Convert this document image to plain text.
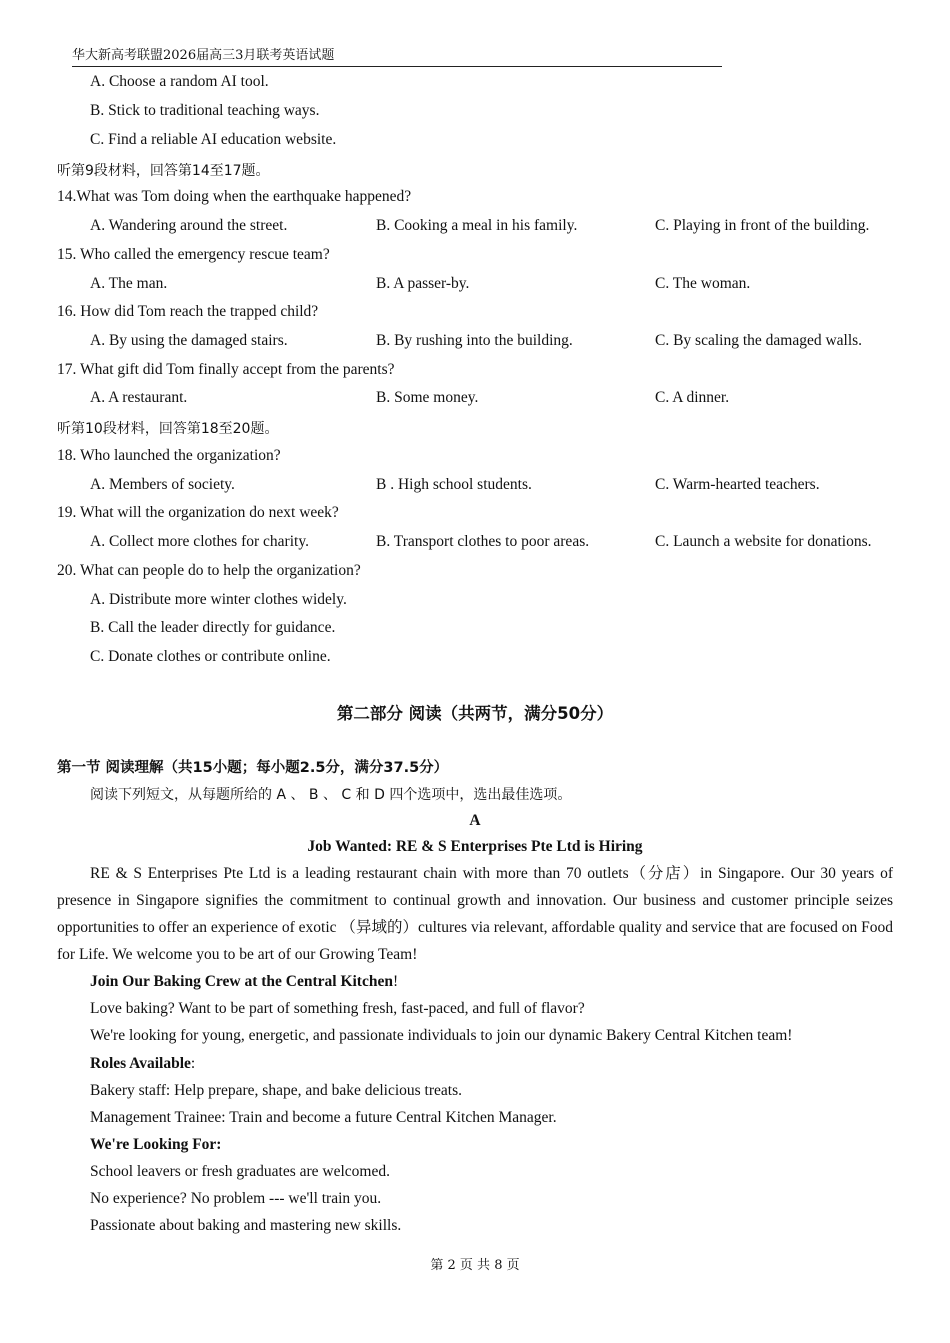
华大新高考联盟2026届高三3月联考英语试题
A. Choose a random AI tool.
B. Stick to traditional teaching ways.
C. Find a reliable AI education website.
听第9段材料，回答第14至17题。
14.What was Tom doing when the earthquake happened?
A. Wandering around the street.	B. Cooking a meal in his family.	C. Playing in front of the building.
15. Who called the emergency rescue team?
A. The man.	B. A passer-by.	C. The woman.
16. How did Tom reach the trapped child?
A. By using the damaged stairs.	B. By rushing into the building.	C. By scaling the damaged walls.
17. What gift did Tom finally accept from the parents?
A. A restaurant.	B. Some money.	C. A dinner.
听第10段材料，回答第18至20题。
18. Who launched the organization?
A. Members of society.	B . High school students.	C. Warm-hearted teachers.
19. What will the organization do next week?
A. Collect more clothes for charity.	B. Transport clothes to poor areas.	C. Launch a website for donations.
20. What can people do to help the organization?
A. Distribute more winter clothes widely.
B. Call the leader directly for guidance.
C. Donate clothes or contribute online.
第二部分 阅读（共两节，满分50分）
第一节 阅读理解（共15小题；每小题2.5分，满分37.5分）
阅读下列短文，从每题所给的 A 、 B 、 C 和 D 四个选项中，选出最佳选项。
A
Job Wanted: RE & S Enterprises Pte Ltd is Hiring
RE & S Enterprises Pte Ltd is a leading restaurant chain with more than 70 outlets（分店）in Singapore. Our 30 years of presence in Singapore signifies the commitment to continual growth and innovation. Our business and customer principle seizes opportunities to offer an experience of exotic （异域的）cultures via relevant, affordable quality and service that are focused on Food for Life. We welcome you to be art of our Growing Team!
Join Our Baking Crew at the Central Kitchen!
Love baking? Want to be part of something fresh, fast-paced, and full of flavor?
We're looking for young, energetic, and passionate individuals to join our dynamic Bakery Central Kitchen team!
Roles Available:
Bakery staff: Help prepare, shape, and bake delicious treats.
Management Trainee: Train and become a future Central Kitchen Manager.
We're Looking For:
School leavers or fresh graduates are welcomed.
No experience? No problem --- we'll train you.
Passionate about baking and mastering new skills.
第 2 页 共 8 页
